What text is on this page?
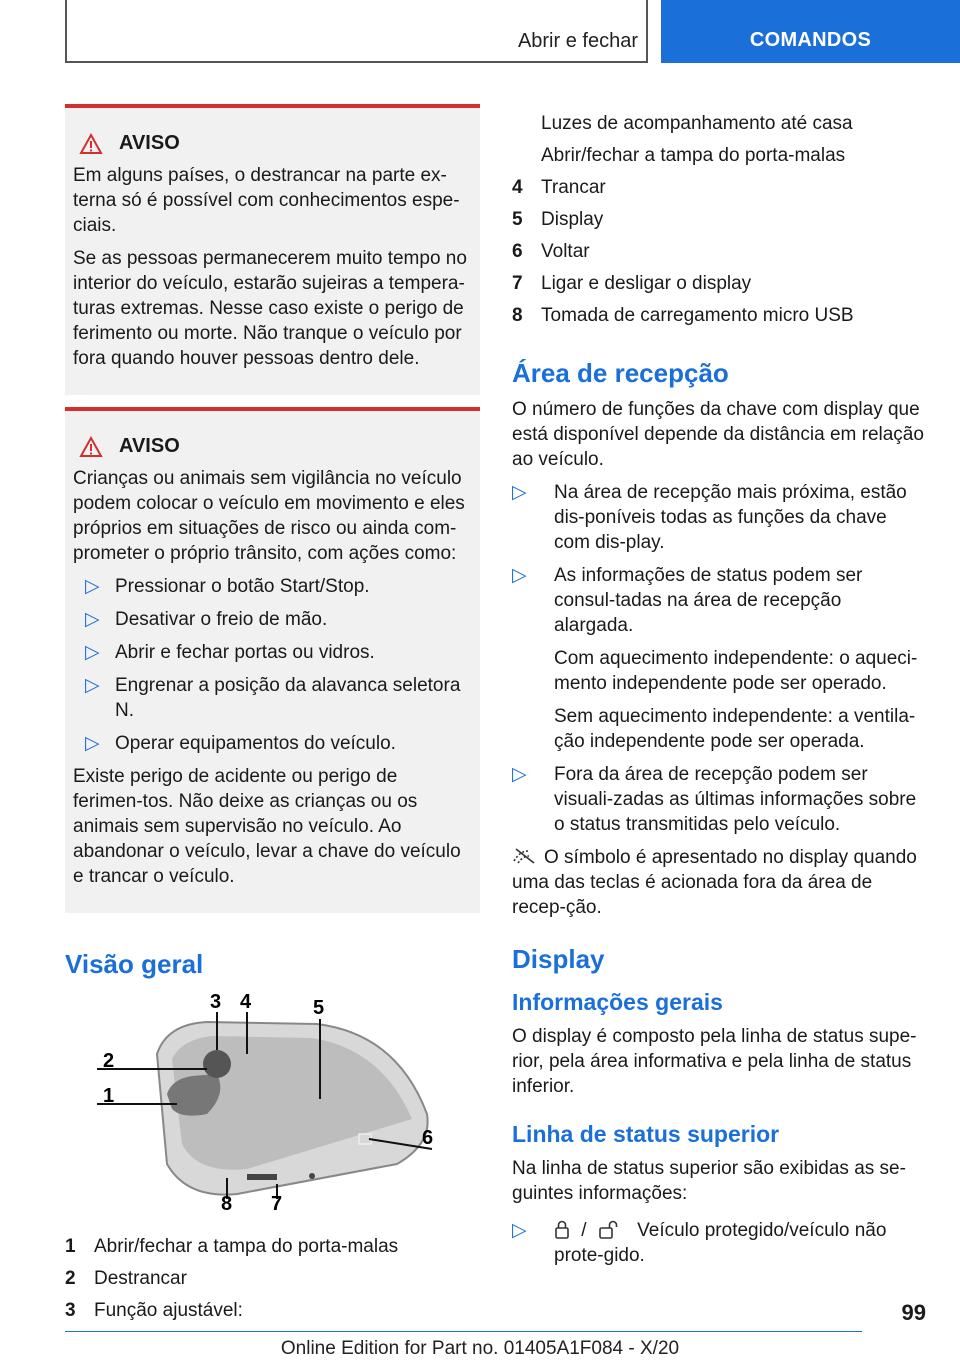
Abrir e fechar	COMANDOS
AVISO

Em alguns países, o destrancar na parte ex-terna só é possível com conhecimentos espe-ciais.

Se as pessoas permanecerem muito tempo no interior do veículo, estarão sujeiras a tempera-turas extremas. Nesse caso existe o perigo de ferimento ou morte. Não tranque o veículo por fora quando houver pessoas dentro dele.

AVISO

Crianças ou animais sem vigilância no veículo podem colocar o veículo em movimento e eles próprios em situações de risco ou ainda com-prometer o próprio trânsito, com ações como:

▷ Pressionar o botão Start/Stop.
▷ Desativar o freio de mão.
▷ Abrir e fechar portas ou vidros.
▷ Engrenar a posição da alavanca seletora N.
▷ Operar equipamentos do veículo.

Existe perigo de acidente ou perigo de ferimen-tos. Não deixe as crianças ou os animais sem supervisão no veículo. Ao abandonar o veículo, levar a chave do veículo e trancar o veículo.

Visão geral
2
1
3 4	5
6
7
8
1 Abrir/fechar a tampa do porta-malas
2 Destrancar
3 Função ajustável:
Luzes de acompanhamento até casa
Abrir/fechar a tampa do porta-malas
4 Trancar
5 Display
6 Voltar
7 Ligar e desligar o display
8 Tomada de carregamento micro USB
Área de recepção

O número de funções da chave com display que está disponível depende da distância em relação ao veículo.

▷ Na área de recepção mais próxima, estão dis-poníveis todas as funções da chave com dis-play.
▷ As informações de status podem ser consul-tadas na área de recepção alargada.
Com aquecimento independente: o aqueci-mento independente pode ser operado.
Sem aquecimento independente: a ventila-ção independente pode ser operada.
▷ Fora da área de recepção podem ser visuali-zadas as últimas informações sobre o status transmitidas pelo veículo.

O símbolo é apresentado no display quando uma das teclas é acionada fora da área de recep-ção.

Display
Informações gerais

O display é composto pela linha de status supe-rior, pela área informativa e pela linha de status inferior.

Linha de status superior

Na linha de status superior são exibidas as se-guintes informações:

▷	/	Veículo protegido/veículo não prote-gido.
99
Online Edition for Part no. 01405A1F084 - X/20
